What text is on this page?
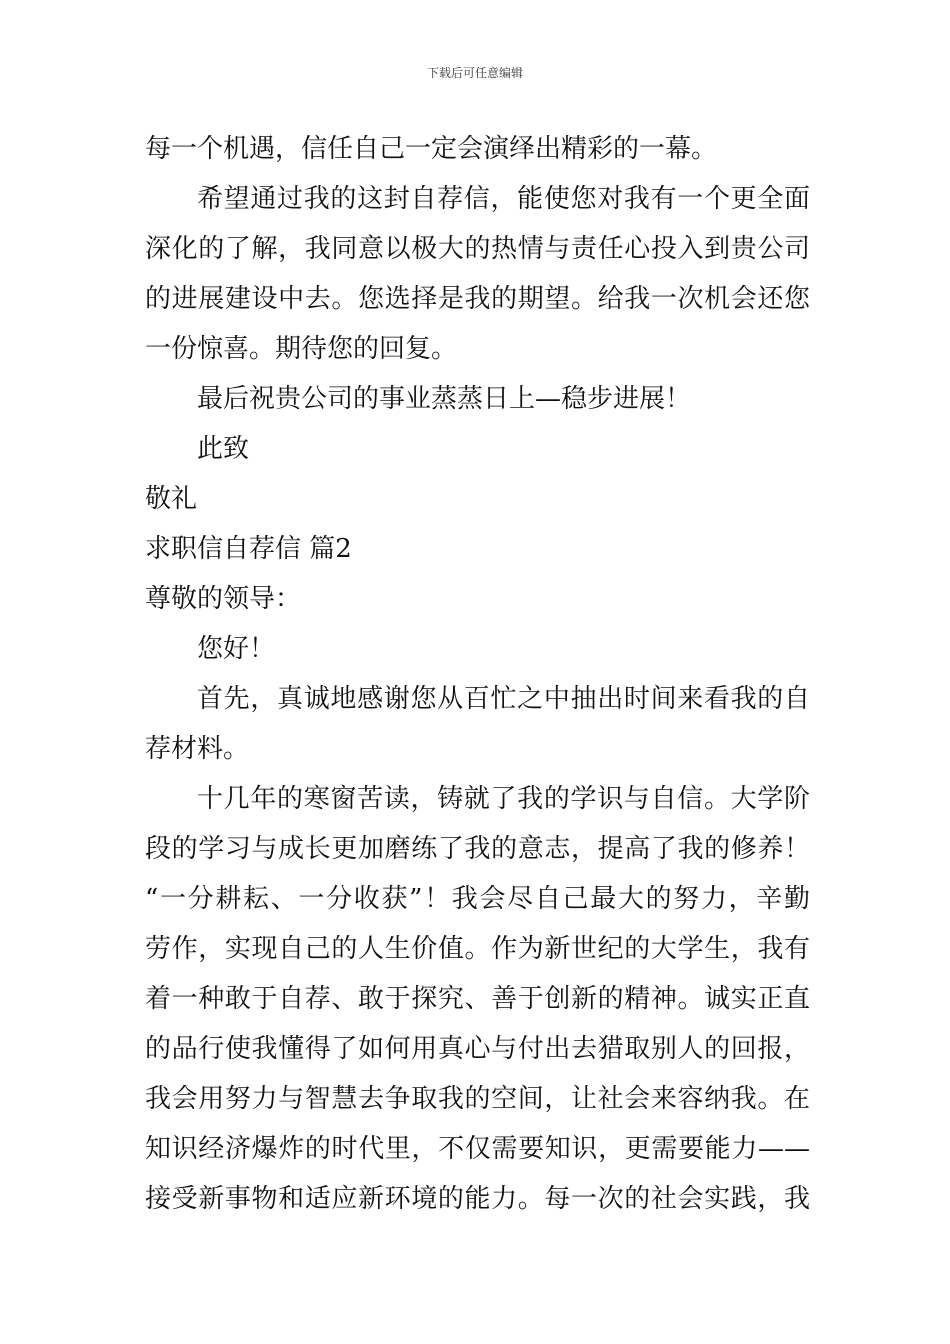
下载后可任意编辑
每一个机遇，信任自己一定会演绎出精彩的一幕。
希望通过我的这封自荐信，能使您对我有一个更全面
深化的了解，我同意以极大的热情与责任心投入到贵公司
的进展建设中去。您选择是我的期望。给我一次机会还您
一份惊喜。期待您的回复。
最后祝贵公司的事业蒸蒸日上—稳步进展！
此致
敬礼
求职信自荐信 篇2
尊敬的领导：
您好！
首先，真诚地感谢您从百忙之中抽出时间来看我的自
荐材料。
十几年的寒窗苦读，铸就了我的学识与自信。大学阶
段的学习与成长更加磨练了我的意志，提高了我的修养！
“一分耕耘、一分收获”！我会尽自己最大的努力，辛勤
劳作，实现自己的人生价值。作为新世纪的大学生，我有
着一种敢于自荐、敢于探究、善于创新的精神。诚实正直
的品行使我懂得了如何用真心与付出去猎取别人的回报，
我会用努力与智慧去争取我的空间，让社会来容纳我。在
知识经济爆炸的时代里，不仅需要知识，更需要能力——
接受新事物和适应新环境的能力。每一次的社会实践，我
